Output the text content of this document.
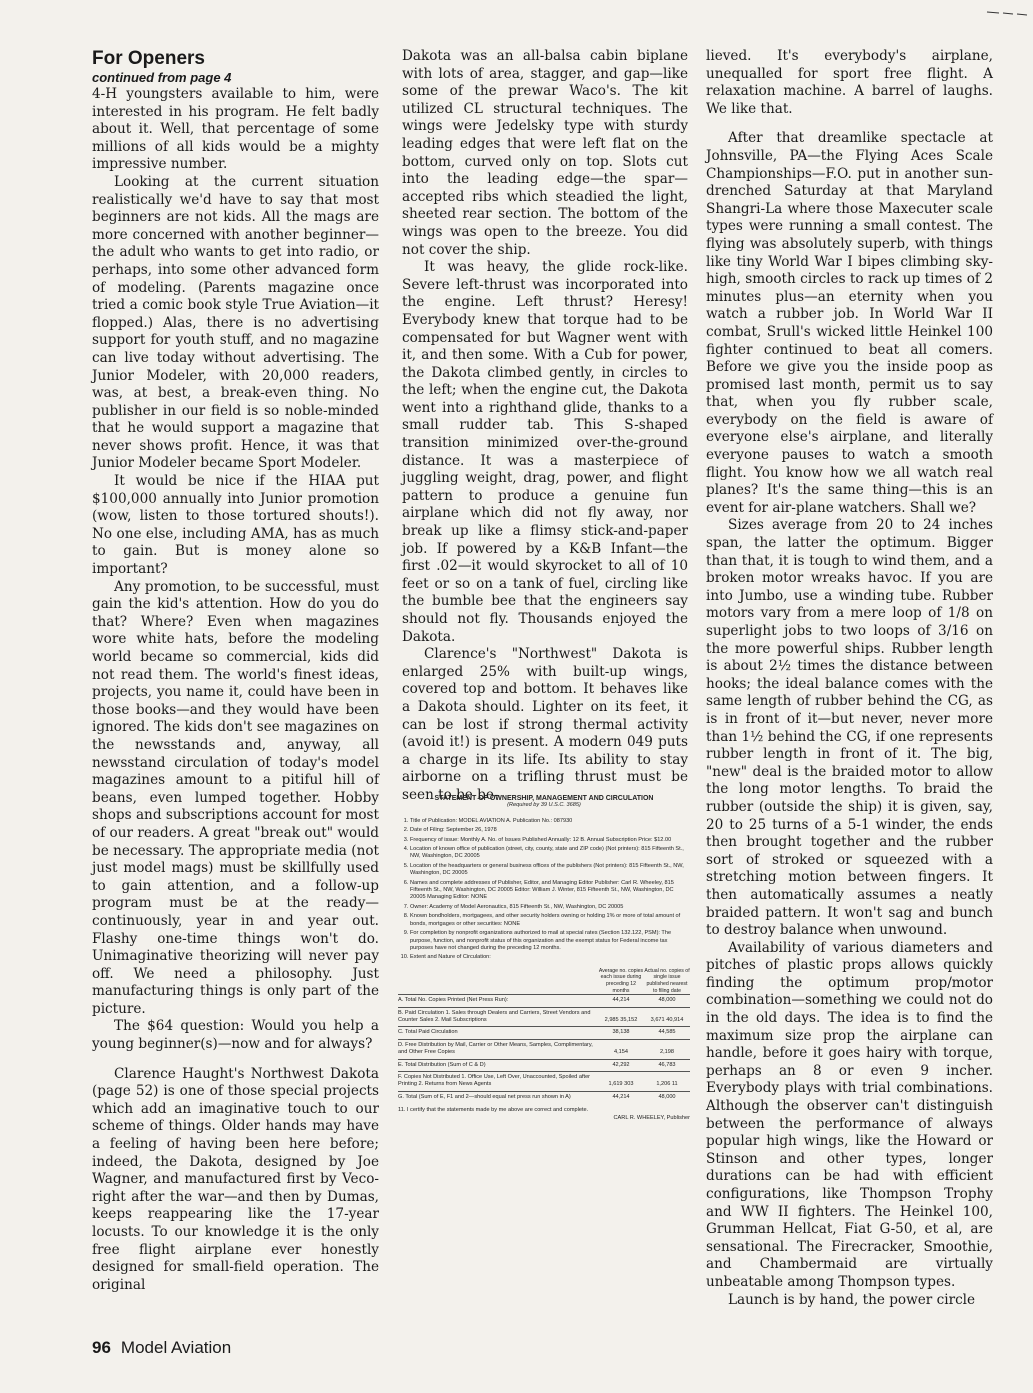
For Openers

continued from page 4

4-H youngsters available to him, were interested in his program. He felt badly about it. Well, that percentage of some millions of all kids would be a mighty impressive number.

Looking at the current situation realistically we'd have to say that most beginners are not kids. All the mags are more concerned with another beginner—the adult who wants to get into radio, or perhaps, into some other advanced form of modeling. (Parents magazine once tried a comic book style True Aviation—it flopped.) Alas, there is no advertising support for youth stuff, and no magazine can live today without advertising. The Junior Modeler, with 20,000 readers, was, at best, a break-even thing. No publisher in our field is so noble-minded that he would support a magazine that never shows profit. Hence, it was that Junior Modeler became Sport Modeler.

It would be nice if the HIAA put $100,000 annually into Junior promotion (wow, listen to those tortured shouts!). No one else, including AMA, has as much to gain. But is money alone so important?

Any promotion, to be successful, must gain the kid's attention. How do you do that? Where? Even when magazines wore white hats, before the modeling world became so commercial, kids did not read them. The world's finest ideas, projects, you name it, could have been in those books—and they would have been ignored. The kids don't see magazines on the newsstands and, anyway, all newsstand circulation of today's model magazines amount to a pitiful hill of beans, even lumped together. Hobby shops and subscriptions account for most of our readers. A great "break out" would be necessary. The appropriate media (not just model mags) must be skillfully used to gain attention, and a follow-up program must be at the ready—continuously, year in and year out. Flashy one-time things won't do. Unimaginative theorizing will never pay off. We need a philosophy. Just manufacturing things is only part of the picture.

The $64 question: Would you help a young beginner(s)—now and for always?

Clarence Haught's Northwest Dakota (page 52) is one of those special projects which add an imaginative touch to our scheme of things. Older hands may have a feeling of having been here before; indeed, the Dakota, designed by Joe Wagner, and manufactured first by Veco-right after the war—and then by Dumas, keeps reappearing like the 17-year locusts. To our knowledge it is the only free flight airplane ever honestly designed for small-field operation. The original

Dakota was an all-balsa cabin biplane with lots of area, stagger, and gap—like some of the prewar Waco's. The kit utilized CL structural techniques. The wings were Jedelsky type with sturdy leading edges that were left flat on the bottom, curved only on top. Slots cut into the leading edge—the spar—accepted ribs which steadied the light, sheeted rear section. The bottom of the wings was open to the breeze. You did not cover the ship.

It was heavy, the glide rock-like. Severe left-thrust was incorporated into the engine. Left thrust? Heresy! Everybody knew that torque had to be compensated for but Wagner went with it, and then some. With a Cub for power, the Dakota climbed gently, in circles to the left; when the engine cut, the Dakota went into a righthand glide, thanks to a small rudder tab. This S-shaped transition minimized over-the-ground distance. It was a masterpiece of juggling weight, drag, power, and flight pattern to produce a genuine fun airplane which did not fly away, nor break up like a flimsy stick-and-paper job. If powered by a K&B Infant—the first .02—it would skyrocket to all of 10 feet or so on a tank of fuel, circling like the bumble bee that the engineers say should not fly. Thousands enjoyed the Dakota.

Clarence's "Northwest" Dakota is enlarged 25% with built-up wings, covered top and bottom. It behaves like a Dakota should. Lighter on its feet, it can be lost if strong thermal activity (avoid it!) is present. A modern 049 puts a charge in its life. Its ability to stay airborne on a trifling thrust must be seen to be be-

STATEMENT OF OWNERSHIP, MANAGEMENT AND CIRCULATION
(Required by 39 U.S.C. 3685)
1. Title of Publication: MODEL AVIATION A. Publication No.: 087930
2. Date of Filing: September 26, 1978
3. Frequency of issue: Monthly A. No. of Issues Published Annually: 12 B. Annual Subscription Price: $12.00
4. Location of known office of publication (street, city, county, state and ZIP code) (Not printers): 815 Fifteenth St., NW, Washington, DC 20005
5. Location of the headquarters or general business offices of the publishers (Not printers): 815 Fifteenth St., NW, Washington, DC 20005
6. Names and complete addresses of Publisher, Editor, and Managing Editor Publisher: Carl R. Wheeley, 815 Fifteenth St., NW, Washington, DC 20005 Editor: William J. Winter, 815 Fifteenth St., NW, Washington, DC 20005 Managing Editor: NONE
7. Owner: Academy of Model Aeronautics, 815 Fifteenth St., NW, Washington, DC 20005
8. Known bondholders, mortgagees, and other security holders owning or holding 1% or more of total amount of bonds, mortgages or other securities: NONE
9. For completion by nonprofit organizations authorized to mail at special rates (Section 132.122, PSM): The purpose, function, and nonprofit status of this organization and the exempt status for Federal income tax purposes have not changed during the preceding 12 months.
10. Extent and Nature of Circulation:
Average no. copies each issue during preceding 12 months
Actual no. copies of single issue published nearest to filing date
A. Total No. Copies Printed (Net Press Run):	44,214	48,000
B. Paid Circulation 1. Sales through Dealers and Carriers, Street Vendors and Counter Sales 2. Mail Subscriptions	2,985 35,152	3,671 40,914
C. Total Paid Circulation	38,138	44,585
D. Free Distribution by Mail, Carrier or Other Means, Samples, Complimentary, and Other Free Copies	4,154	2,198
E. Total Distribution (Sum of C & D)	42,292	46,783
F. Copies Not Distributed 1. Office Use, Left Over, Unaccounted, Spoiled after Printing 2. Returns from News Agents	1,619 303	1,206 11
G. Total (Sum of E, F1 and 2—should equal net press run shown in A)	44,214	48,000
11. I certify that the statements made by me above are correct and complete.
CARL R. WHEELEY, Publisher

lieved. It's everybody's airplane, unequalled for sport free flight. A relaxation machine. A barrel of laughs. We like that.

After that dreamlike spectacle at Johnsville, PA—the Flying Aces Scale Championships—F.O. put in another sun-drenched Saturday at that Maryland Shangri-La where those Maxecuter scale types were running a small contest. The flying was absolutely superb, with things like tiny World War I bipes climbing sky-high, smooth circles to rack up times of 2 minutes plus—an eternity when you watch a rubber job. In World War II combat, Srull's wicked little Heinkel 100 fighter continued to beat all comers. Before we give you the inside poop as promised last month, permit us to say that, when you fly rubber scale, everybody on the field is aware of everyone else's airplane, and literally everyone pauses to watch a smooth flight. You know how we all watch real planes? It's the same thing—this is an event for air-plane watchers. Shall we?

Sizes average from 20 to 24 inches span, the latter the optimum. Bigger than that, it is tough to wind them, and a broken motor wreaks havoc. If you are into Jumbo, use a winding tube. Rubber motors vary from a mere loop of 1/8 on superlight jobs to two loops of 3/16 on the more powerful ships. Rubber length is about 2½ times the distance between hooks; the ideal balance comes with the same length of rubber behind the CG, as is in front of it—but never, never more than 1½ behind the CG, if one represents rubber length in front of it. The big, "new" deal is the braided motor to allow the long motor lengths. To braid the rubber (outside the ship) it is given, say, 20 to 25 turns of a 5-1 winder, the ends then brought together and the rubber sort of stroked or squeezed with a stretching motion between fingers. It then automatically assumes a neatly braided pattern. It won't sag and bunch to destroy balance when unwound.

Availability of various diameters and pitches of plastic props allows quickly finding the optimum prop/motor combination—something we could not do in the old days. The idea is to find the maximum size prop the airplane can handle, before it goes hairy with torque, perhaps an 8 or even 9 incher. Everybody plays with trial combinations. Although the observer can't distinguish between the performance of always popular high wings, like the Howard or Stinson and other types, longer durations can be had with efficient configurations, like Thompson Trophy and WW II fighters. The Heinkel 100, Grumman Hellcat, Fiat G-50, et al, are sensational. The Firecracker, Smoothie, and Chambermaid are virtually unbeatable among Thompson types.

Launch is by hand, the power circle

96 Model Aviation
